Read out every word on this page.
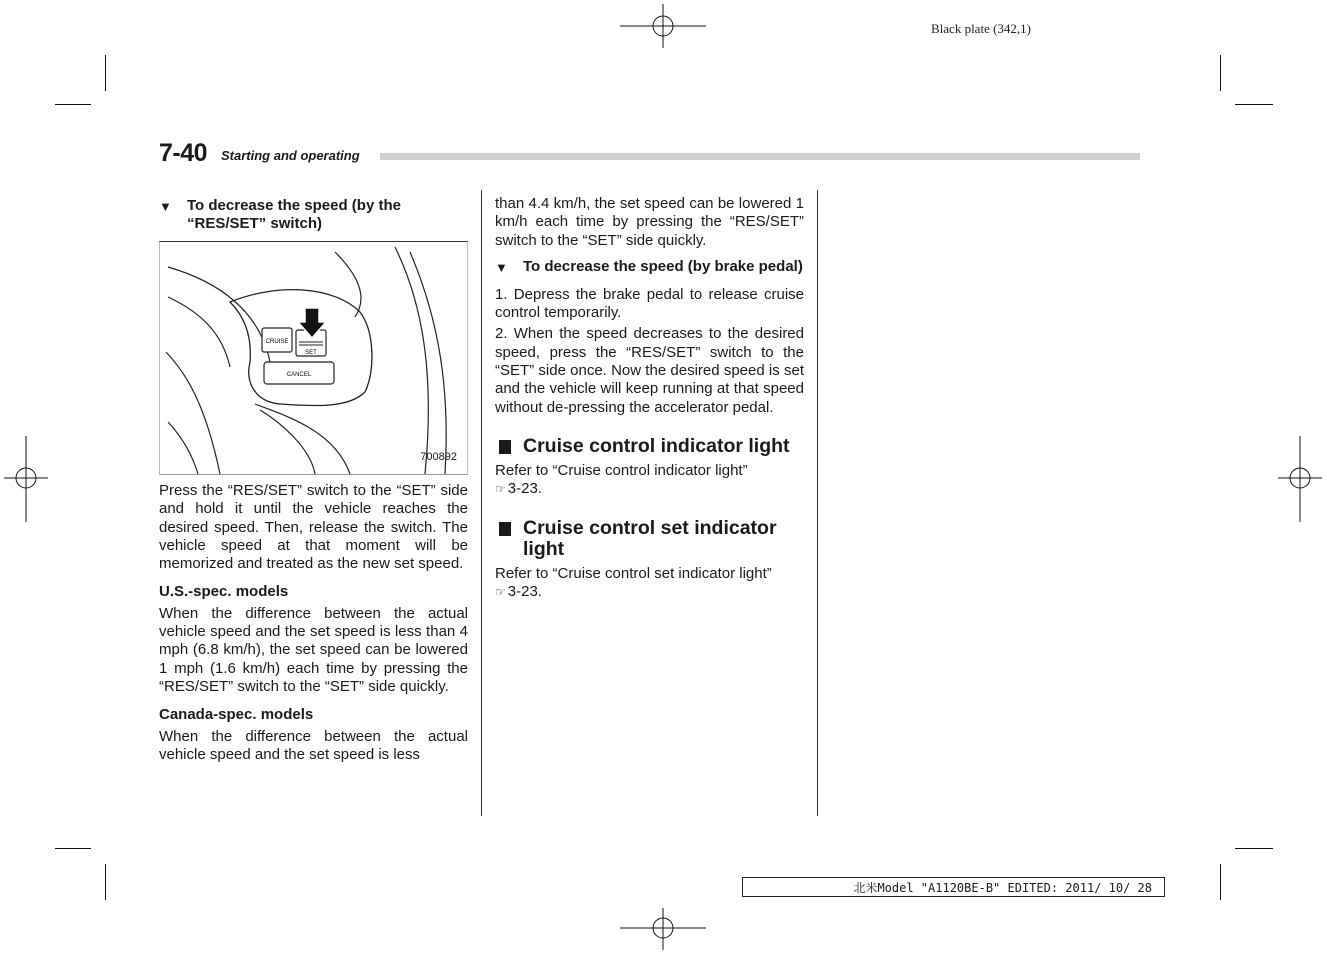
Black plate (342,1)
7-40 Starting and operating
▼	To decrease the speed (by the “RES/SET” switch)
CRUISE
SET
CANCEL
700892

Press the “RES/SET” switch to the “SET” side and hold it until the vehicle reaches the desired speed. Then, release the switch. The vehicle speed at that moment will be memorized and treated as the new set speed.

U.S.-spec. models

When the difference between the actual vehicle speed and the set speed is less than 4 mph (6.8 km/h), the set speed can be lowered 1 mph (1.6 km/h) each time by pressing the “RES/SET” switch to the “SET” side quickly.

Canada-spec. models

When the difference between the actual vehicle speed and the set speed is less

than 4.4 km/h, the set speed can be lowered 1 km/h each time by pressing the “RES/SET” switch to the “SET” side quickly.

▼	To decrease the speed (by brake pedal)

1. Depress the brake pedal to release cruise control temporarily.

2. When the speed decreases to the desired speed, press the “RES/SET” switch to the “SET” side once. Now the desired speed is set and the vehicle will keep running at that speed without de-pressing the accelerator pedal.

Cruise control indicator light

Refer to “Cruise control indicator light”
☞ 3-23.

Cruise control set indicator light

Refer to “Cruise control set indicator light”
☞ 3-23.

北米Model "A1120BE-B" EDITED: 2011/ 10/ 28
